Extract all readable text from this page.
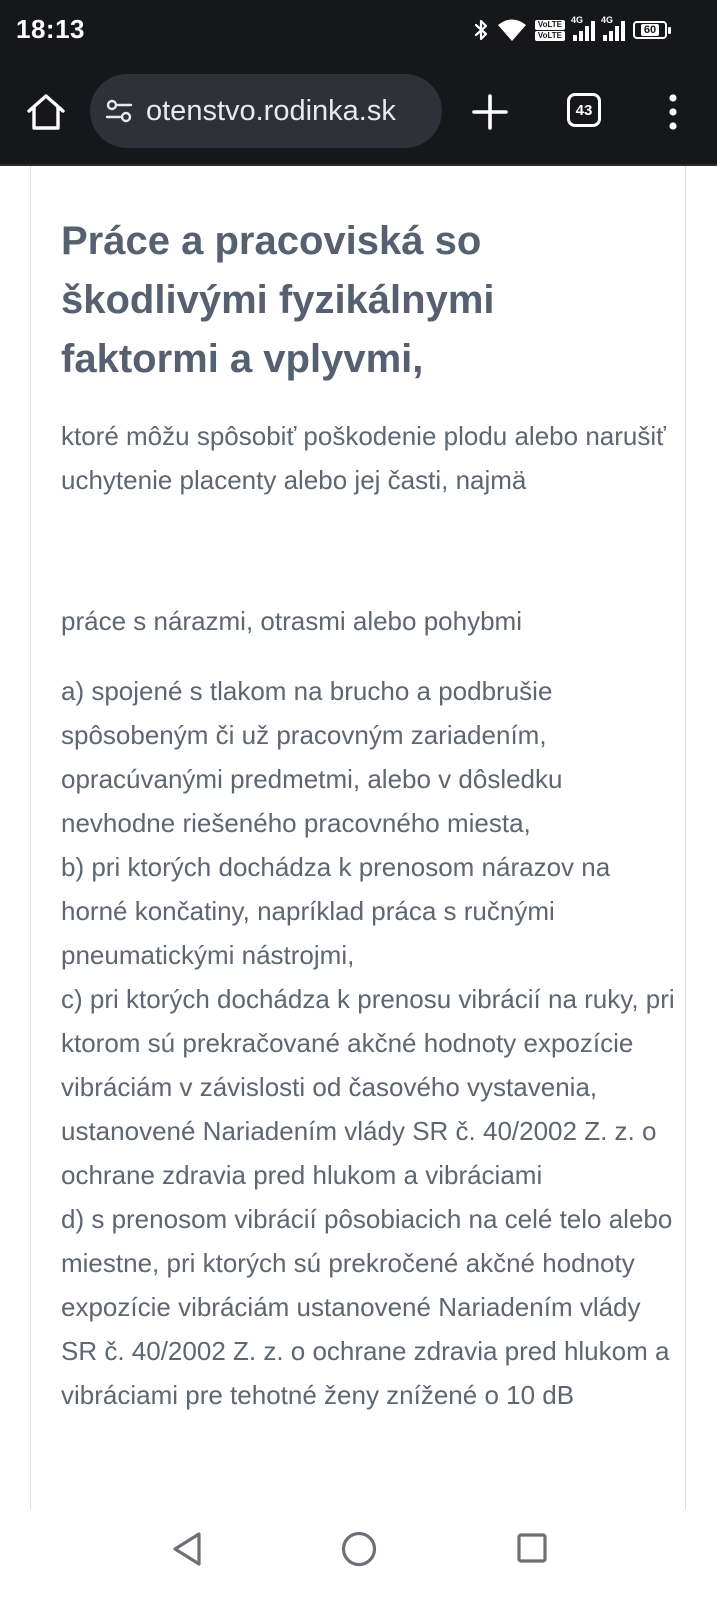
18:13	VoLTE
VoLTE
4G 4G
60
otenstvo.rodinka.sk	43
Práce a pracoviská so škodlivými fyzikálnymi faktormi a vplyvmi,

ktoré môžu spôsobiť poškodenie plodu alebo narušiť uchytenie placenty alebo jej časti, najmä

práce s nárazmi, otrasmi alebo pohybmi

a) spojené s tlakom na brucho a podbrušie spôsobeným či už pracovným zariadením, opracúvanými predmetmi, alebo v dôsledku nevhodne riešeného pracovného miesta,
b) pri ktorých dochádza k prenosom nárazov na horné končatiny, napríklad práca s ručnými pneumatickými nástrojmi,
c) pri ktorých dochádza k prenosu vibrácií na ruky, pri ktorom sú prekračované akčné hodnoty expozície vibráciám v závislosti od časového vystavenia, ustanovené Nariadením vlády SR č. 40/2002 Z. z. o ochrane zdravia pred hlukom a vibráciami
d) s prenosom vibrácií pôsobiacich na celé telo alebo miestne, pri ktorých sú prekročené akčné hodnoty expozície vibráciám ustanovené Nariadením vlády SR č. 40/2002 Z. z. o ochrane zdravia pred hlukom a vibráciami pre tehotné ženy znížené o 10 dB
